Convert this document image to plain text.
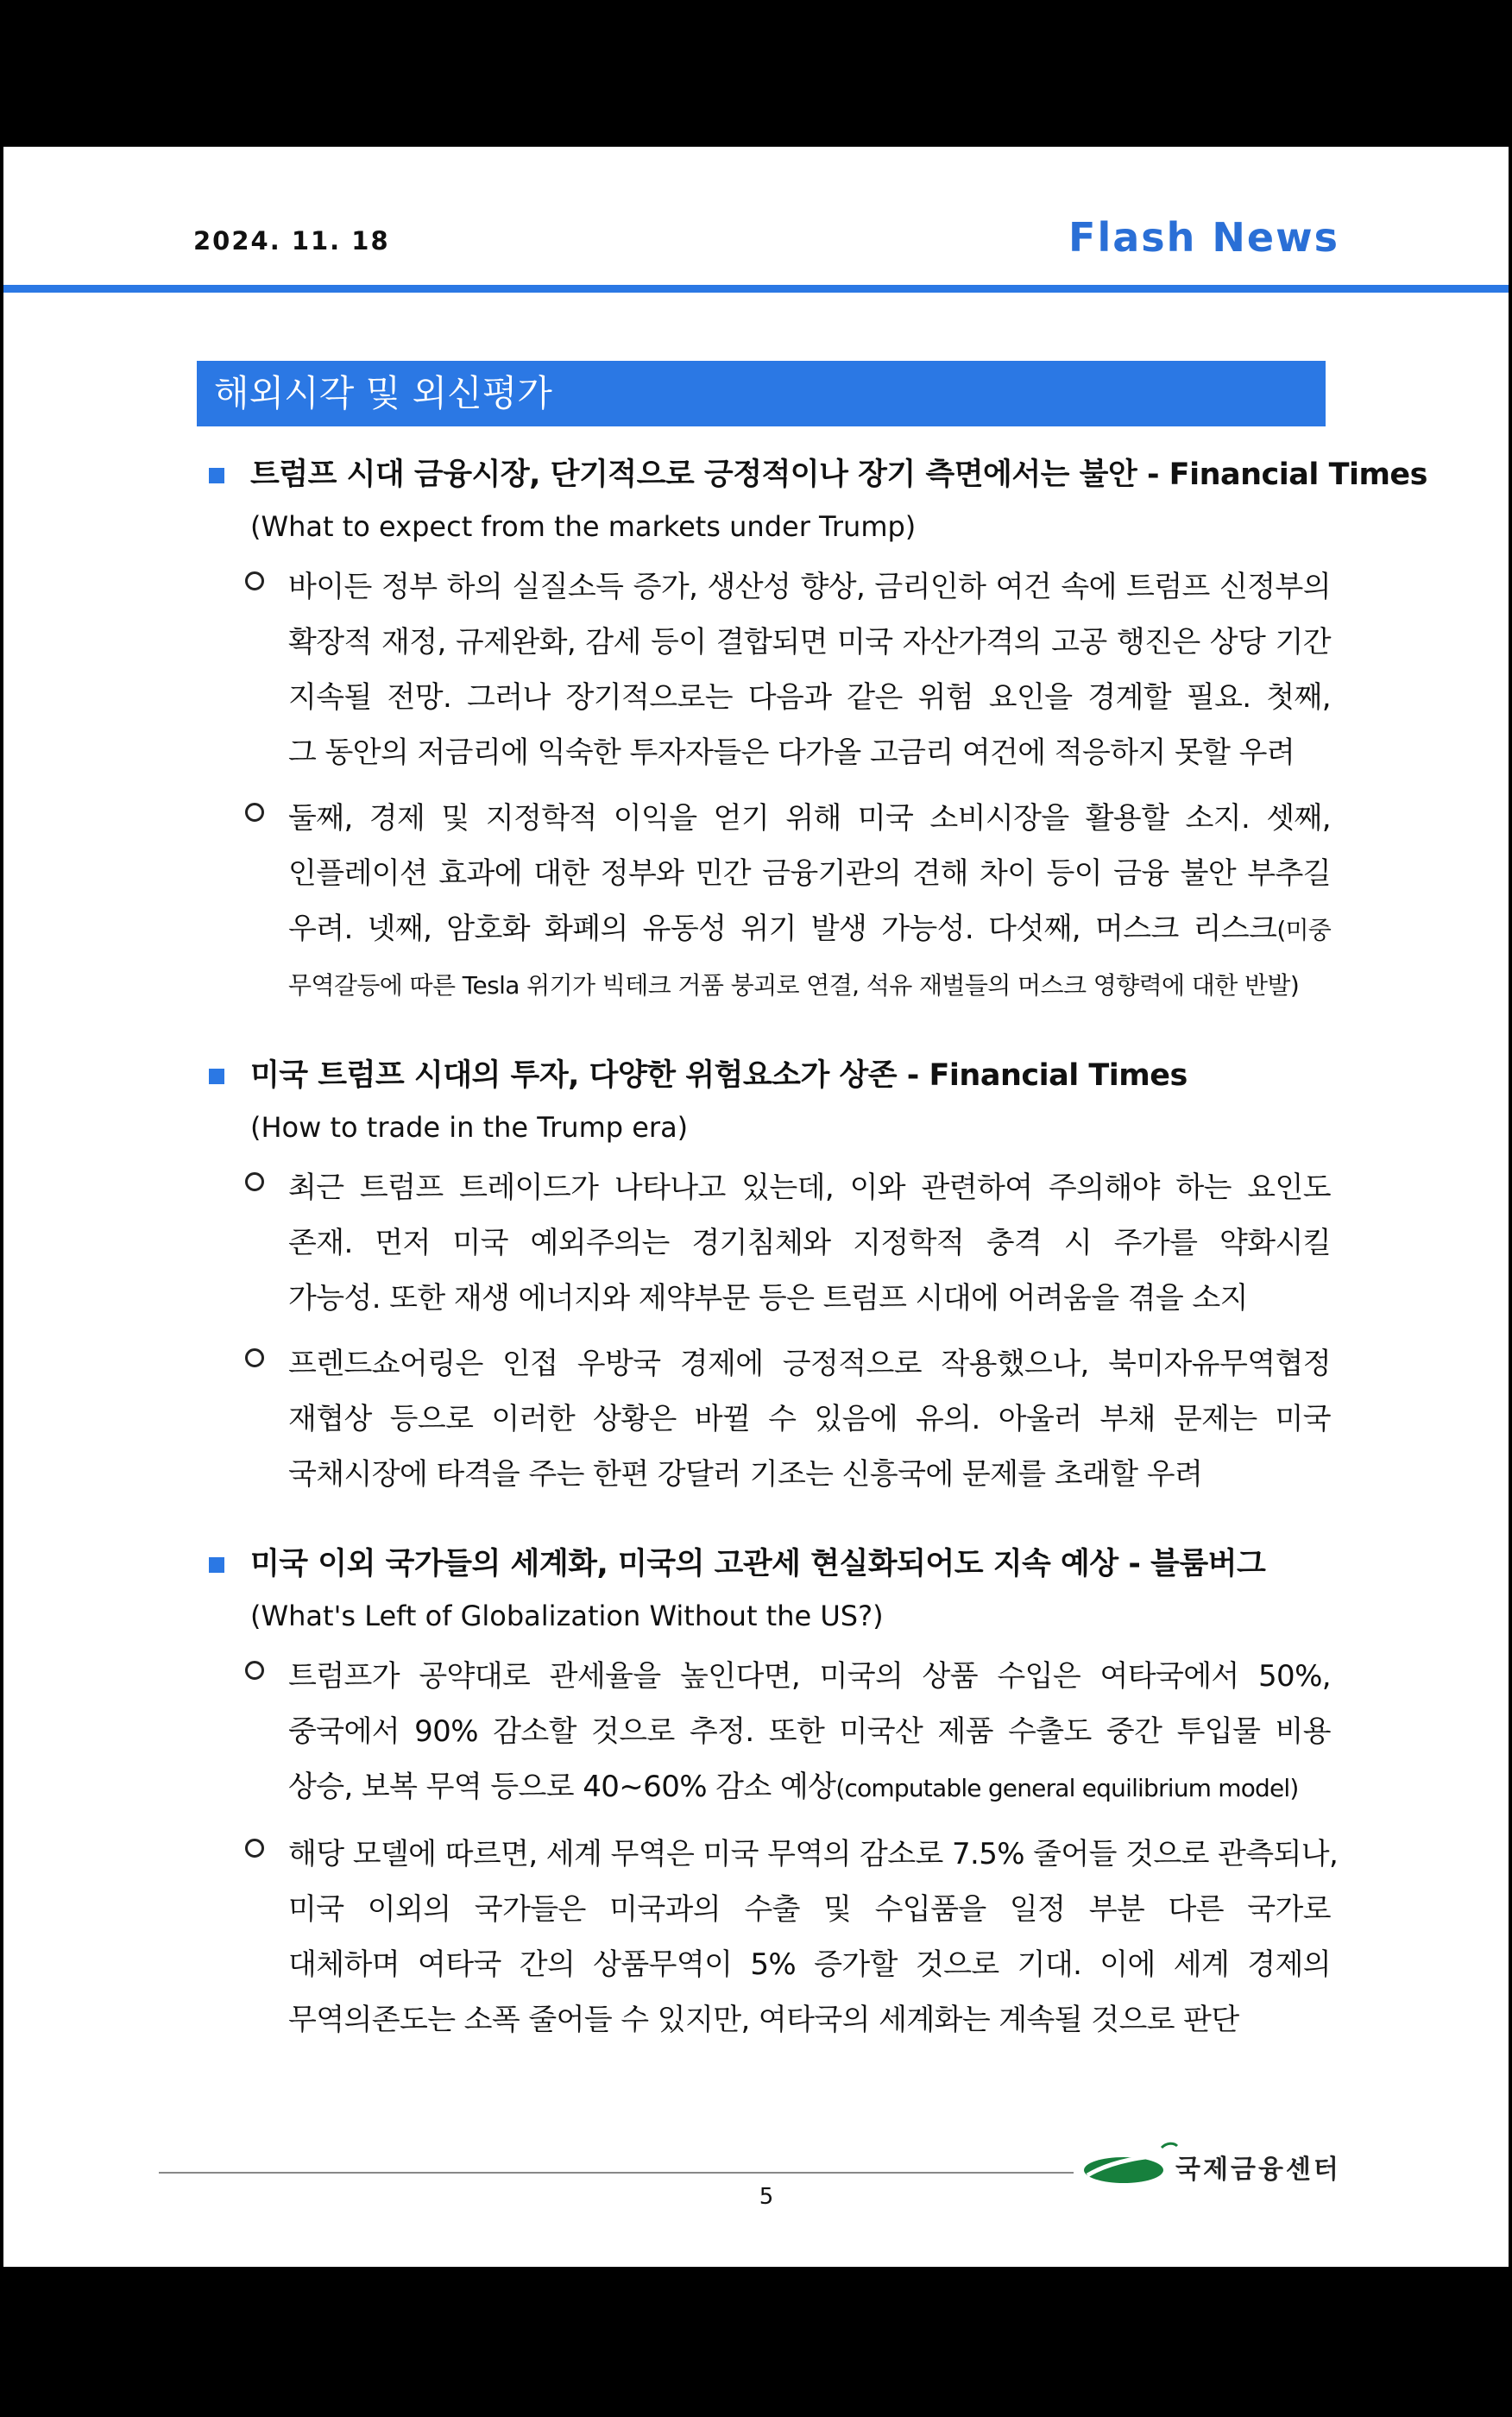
2024. 11. 18	Flash News
해외시각 및 외신평가
트럼프 시대 금융시장, 단기적으로 긍정적이나 장기 측면에서는 불안 - Financial Times
(What to expect from the markets under Trump)
바이든 정부 하의 실질소득 증가, 생산성 향상, 금리인하 여건 속에 트럼프 신정부의
확장적 재정, 규제완화, 감세 등이 결합되면 미국 자산가격의 고공 행진은 상당 기간
지속될 전망. 그러나 장기적으로는 다음과 같은 위험 요인을 경계할 필요. 첫째,
그 동안의 저금리에 익숙한 투자자들은 다가올 고금리 여건에 적응하지 못할 우려
둘째, 경제 및 지정학적 이익을 얻기 위해 미국 소비시장을 활용할 소지. 셋째,
인플레이션 효과에 대한 정부와 민간 금융기관의 견해 차이 등이 금융 불안 부추길
우려. 넷째, 암호화 화폐의 유동성 위기 발생 가능성. 다섯째, 머스크 리스크(미중
무역갈등에 따른 Tesla 위기가 빅테크 거품 붕괴로 연결, 석유 재벌들의 머스크 영향력에 대한 반발)
미국 트럼프 시대의 투자, 다양한 위험요소가 상존 - Financial Times
(How to trade in the Trump era)
최근 트럼프 트레이드가 나타나고 있는데, 이와 관련하여 주의해야 하는 요인도
존재. 먼저 미국 예외주의는 경기침체와 지정학적 충격 시 주가를 약화시킬
가능성. 또한 재생 에너지와 제약부문 등은 트럼프 시대에 어려움을 겪을 소지
프렌드쇼어링은 인접 우방국 경제에 긍정적으로 작용했으나, 북미자유무역협정
재협상 등으로 이러한 상황은 바뀔 수 있음에 유의. 아울러 부채 문제는 미국
국채시장에 타격을 주는 한편 강달러 기조는 신흥국에 문제를 초래할 우려
미국 이외 국가들의 세계화, 미국의 고관세 현실화되어도 지속 예상 - 블룸버그
(What's Left of Globalization Without the US?)
트럼프가 공약대로 관세율을 높인다면, 미국의 상품 수입은 여타국에서 50%,
중국에서 90% 감소할 것으로 추정. 또한 미국산 제품 수출도 중간 투입물 비용
상승, 보복 무역 등으로 40~60% 감소 예상(computable general equilibrium model)
해당 모델에 따르면, 세계 무역은 미국 무역의 감소로 7.5% 줄어들 것으로 관측되나,
미국 이외의 국가들은 미국과의 수출 및 수입품을 일정 부분 다른 국가로
대체하며 여타국 간의 상품무역이 5% 증가할 것으로 기대. 이에 세계 경제의
무역의존도는 소폭 줄어들 수 있지만, 여타국의 세계화는 계속될 것으로 판단
국제금융센터
5
